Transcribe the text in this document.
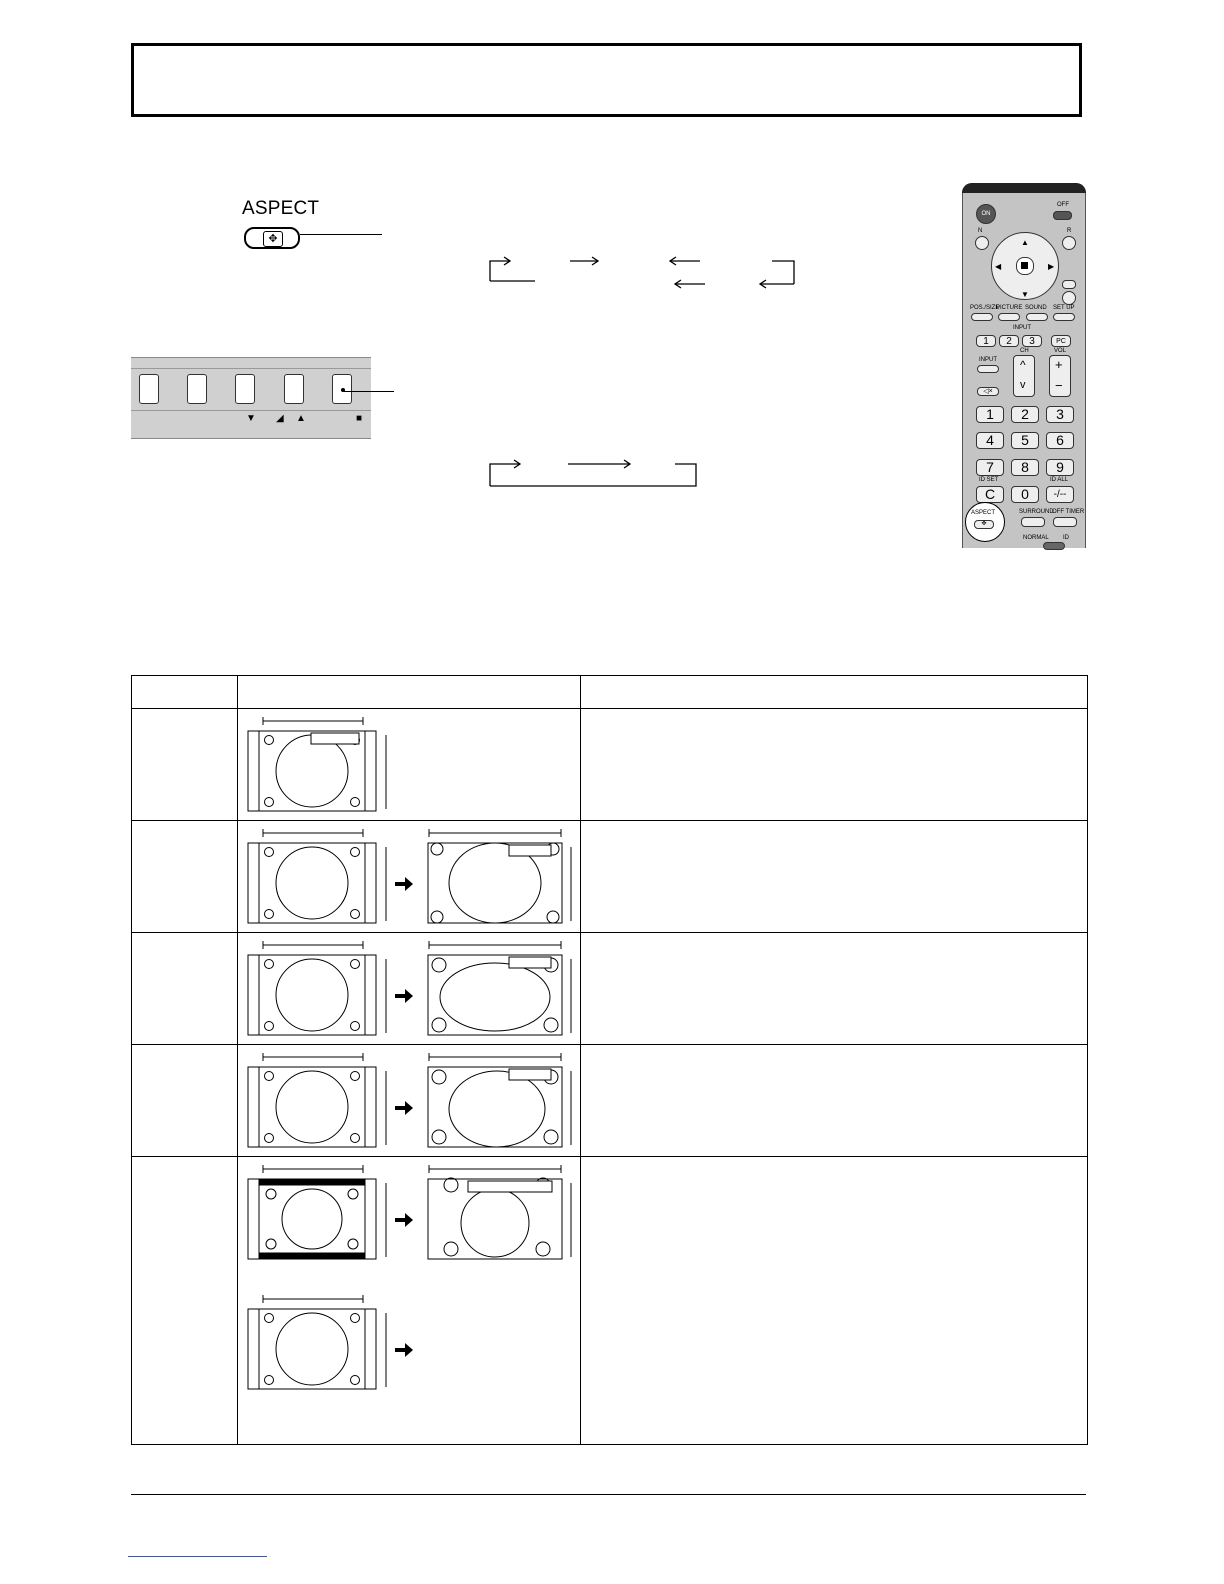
ASPECT
✥
▼ ◢ ▲	■
ON
OFF
N	R
▲
▼
◀	▶
POS./SIZE
PICTURE SOUND SET UP
INPUT
1	2	3	PC
INPUT
CH	VOL
^
v
+
−
◁×
1	2	3
4	5	6
7	8	9
ID SET	ID ALL
C	0	-/--
ASPECT
✥
SURROUND
OFF TIMER
NORMAL ID
